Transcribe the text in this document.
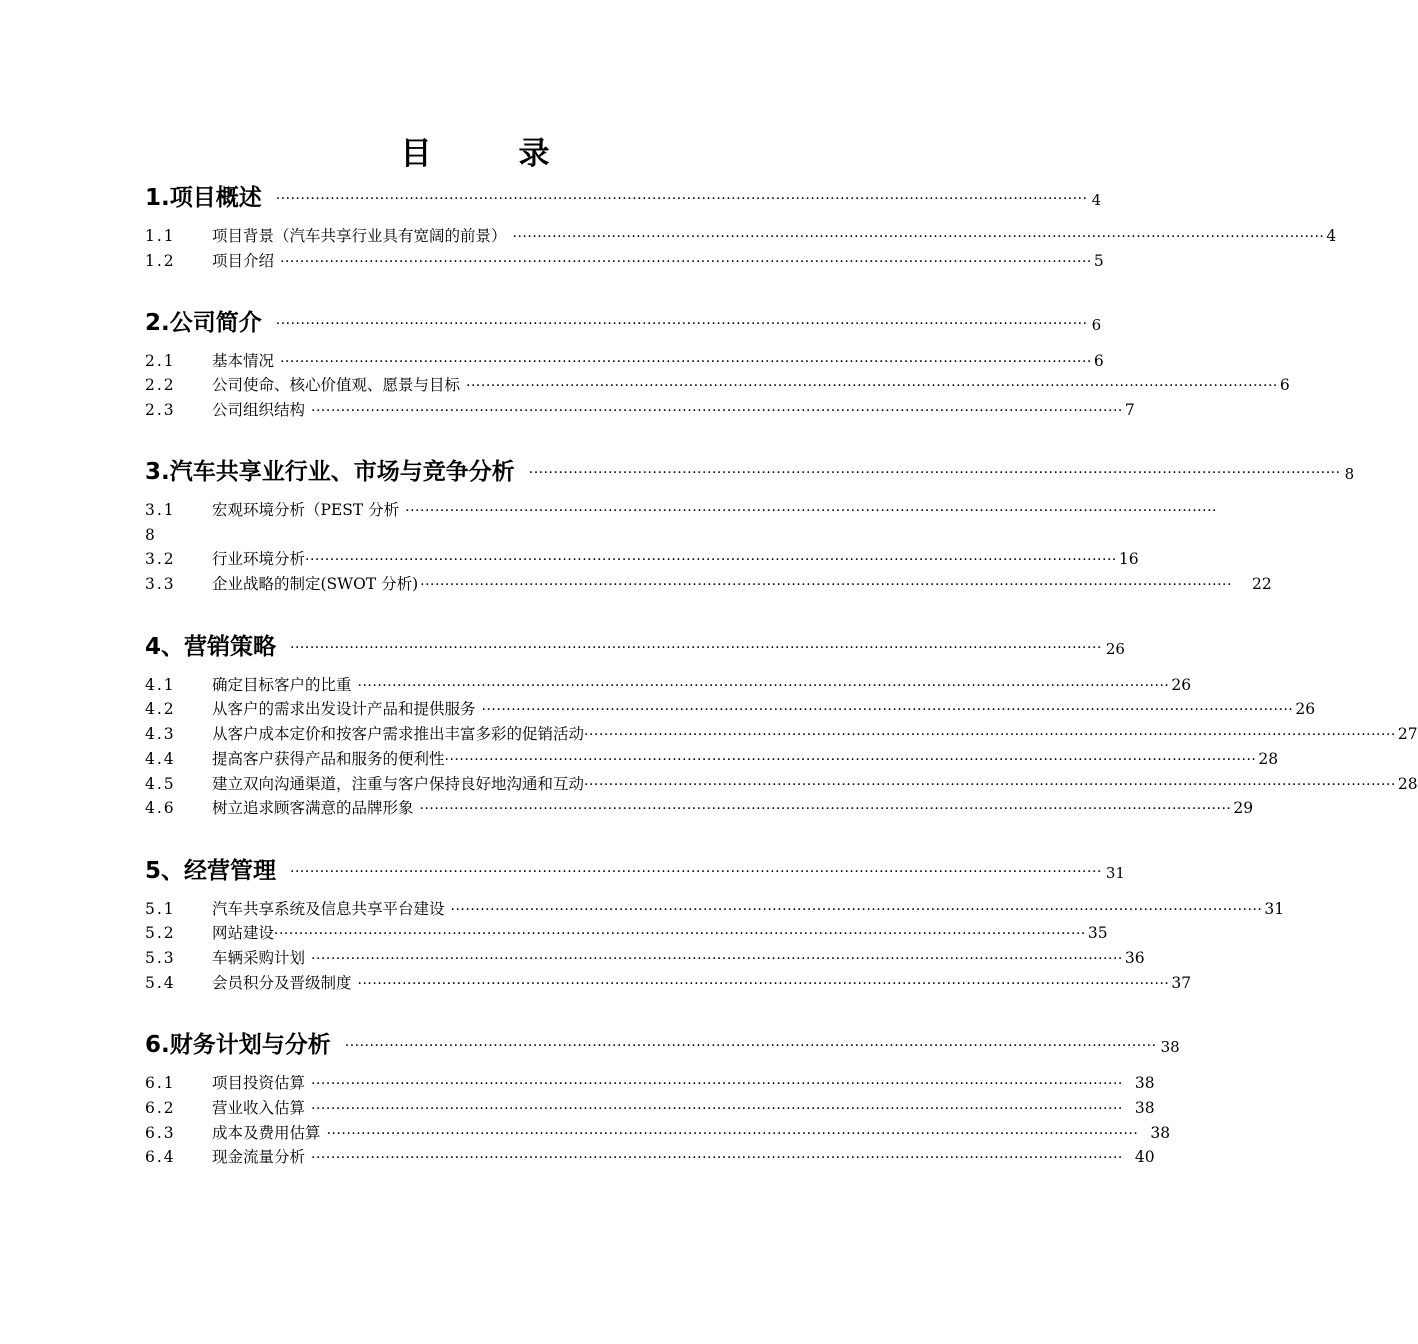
目　录
1.项目概述 ···································································································································································· 4
1.1	项目背景（汽车共享行业具有宽阔的前景） ···································································································································································· 4
1.2	项目介绍 ···································································································································································· 5
2.公司简介 ···································································································································································· 6
2.1	基本情况 ···································································································································································· 6
2.2	公司使命、核心价值观、愿景与目标 ···································································································································································· 6
2.3	公司组织结构 ···································································································································································· 7
3.汽车共享业行业、市场与竞争分析 ···································································································································································· 8
3.1	宏观环境分析（PEST 分析 ····································································································································································
8
3.2	行业环境分析 ···································································································································································· 16
3.3	企业战略的制定(SWOT 分析) ···································································································································································· 22
4、营销策略 ···································································································································································· 26
4.1	确定目标客户的比重 ···································································································································································· 26
4.2	从客户的需求出发设计产品和提供服务 ···································································································································································· 26
4.3	从客户成本定价和按客户需求推出丰富多彩的促销活动 ···································································································································································· 27
4.4	提高客户获得产品和服务的便利性 ···································································································································································· 28
4.5	建立双向沟通渠道，注重与客户保持良好地沟通和互动 ···································································································································································· 28
4.6	树立追求顾客满意的品牌形象 ···································································································································································· 29
5、经营管理 ···································································································································································· 31
5.1	汽车共享系统及信息共享平台建设 ···································································································································································· 31
5.2	网站建设 ···································································································································································· 35
5.3	车辆采购计划 ···································································································································································· 36
5.4	会员积分及晋级制度 ···································································································································································· 37
6.财务计划与分析 ···································································································································································· 38
6.1	项目投资估算 ···································································································································································· 38
6.2	营业收入估算 ···································································································································································· 38
6.3	成本及费用估算 ···································································································································································· 38
6.4	现金流量分析 ···································································································································································· 40
